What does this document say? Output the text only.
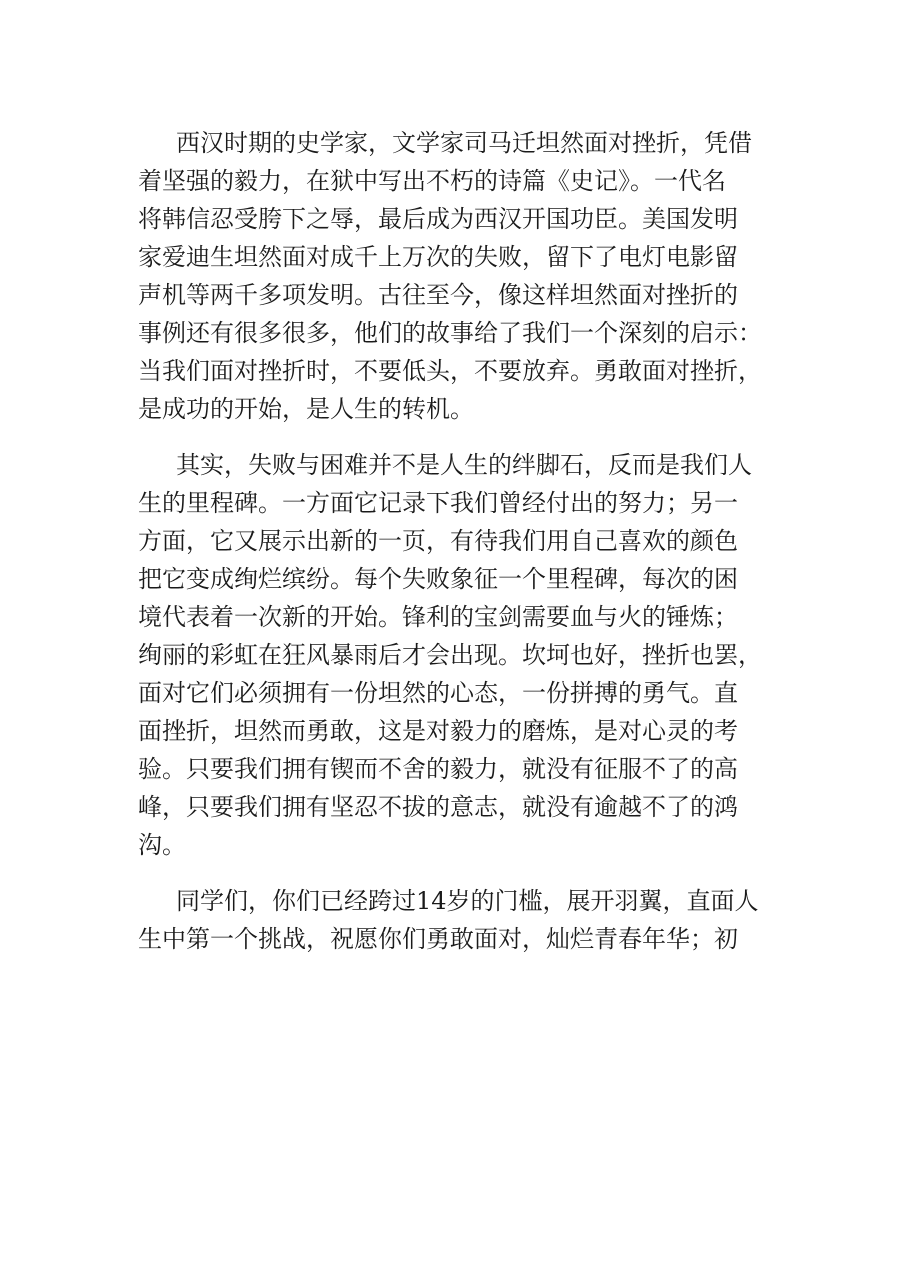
西汉时期的史学家，文学家司马迁坦然面对挫折，凭借
着坚强的毅力，在狱中写出不朽的诗篇《史记》。一代名
将韩信忍受胯下之辱，最后成为西汉开国功臣。美国发明
家爱迪生坦然面对成千上万次的失败，留下了电灯电影留
声机等两千多项发明。古往至今，像这样坦然面对挫折的
事例还有很多很多，他们的故事给了我们一个深刻的启示：
当我们面对挫折时，不要低头，不要放弃。勇敢面对挫折，
是成功的开始，是人生的转机。

其实，失败与困难并不是人生的绊脚石，反而是我们人
生的里程碑。一方面它记录下我们曾经付出的努力；另一
方面，它又展示出新的一页，有待我们用自己喜欢的颜色
把它变成绚烂缤纷。每个失败象征一个里程碑，每次的困
境代表着一次新的开始。锋利的宝剑需要血与火的锤炼；
绚丽的彩虹在狂风暴雨后才会出现。坎坷也好，挫折也罢，
面对它们必须拥有一份坦然的心态，一份拼搏的勇气。直
面挫折，坦然而勇敢，这是对毅力的磨炼，是对心灵的考
验。只要我们拥有锲而不舍的毅力，就没有征服不了的高
峰，只要我们拥有坚忍不拔的意志，就没有逾越不了的鸿
沟。

同学们，你们已经跨过14岁的门槛，展开羽翼，直面人
生中第一个挑战，祝愿你们勇敢面对，灿烂青春年华；初
